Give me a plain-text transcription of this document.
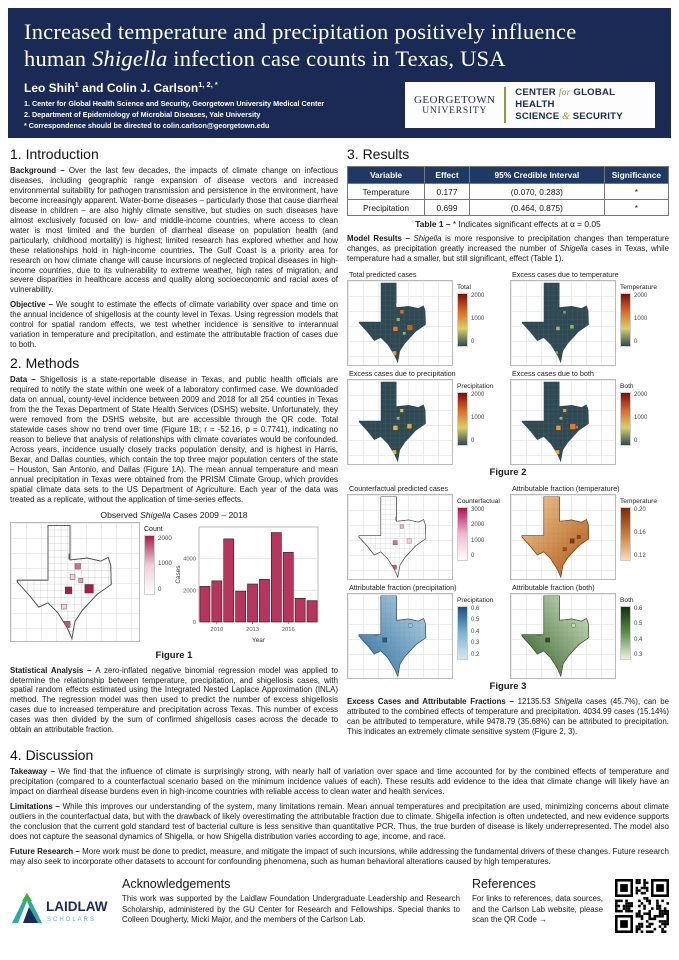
Increased temperature and precipitation positively influence
human Shigella infection case counts in Texas, USA
Leo Shih$^1$ and Colin J. Carlson$^{1, 2, *}$
1. Center for Global Health Science and Security, Georgetown University Medical Center
2. Department of Epidemiology of Microbial Diseases, Yale University
* Correspondence should be directed to colin.carlson@georgetown.edu
GEORGETOWN
UNIVERSITY
CENTER for GLOBAL HEALTH
SCIENCE & SECURITY
1. Introduction

Background – Over the last few decades, the impacts of climate change on infectious diseases, including geographic range expansion of disease vectors and increased environmental suitability for pathogen transmission and persistence in the environment, have become increasingly apparent. Water-borne diseases – particularly those that cause diarrheal disease in children – are also highly climate sensitive, but studies on such diseases have almost exclusively focused on low- and middle-income countries, where access to clean water is most limited and the burden of diarrheal disease on population health (and particularly, childhood mortality) is highest; limited research has explored whether and how these relationships hold in high-income countries. The Gulf Coast is a priority area for research on how climate change will cause incursions of neglected tropical diseases in high-income countries, due to its vulnerability to extreme weather, high rates of migration, and severe disparities in healthcare access and quality along socioeconomic and racial axes of vulnerability.

Objective – We sought to estimate the effects of climate variability over space and time on the annual incidence of shigellosis at the county level in Texas. Using regression models that control for spatial random effects, we test whether incidence is sensitive to interannual variation in temperature and precipitation, and estimate the attributable fraction of cases due to both.

2. Methods

Data – Shigellosis is a state-reportable disease in Texas, and public health officials are required to notify the state within one week of a laboratory confirmed case. We downloaded data on annual, county-level incidence between 2009 and 2018 for all 254 counties in Texas from the the Texas Department of State Health Services (DSHS) website. Unfortunately, they were removed from the DSHS website, but are accessible through the QR code. Total statewide cases show no trend over time (Figure 1B; r = -52.16, p = 0.7741), indicating no reason to believe that analysis of relationships with climate covariates would be confounded. Across years, incidence usually closely tracks population density, and is highest in Harris, Bexar, and Dallas counties, which contain the top three major population centers of the state – Houston, San Antonio, and Dallas (Figure 1A). The mean annual temperature and mean annual precipitation in Texas were obtained from the PRISM Climate Group, which provides spatial climate data sets to the US Department of Agriculture. Each year of the data was treated as a replicate, without the application of time-series effects.

Observed Shigella Cases 2009 – 2018
Count
2000
1000
0
0
2000
4000
2010	2013	2016
Cases
Year
Figure 1

Statistical Analysis – A zero-inflated negative binomial regression model was applied to determine the relationship between temperature, precipitation, and shigellosis cases, with spatial random effects estimated using the Integrated Nested Laplace Approximation (INLA) method. The regression model was then used to predict the number of excess shigellosis cases due to increased temperature and precipitation across Texas. This number of excess cases was then divided by the sum of confirmed shigellosis cases across the decade to obtain an attributable fraction.

3. Results
Variable	Effect	95% Credible Interval	Significance
Temperature	0.177	(0.070, 0.283)	*
Precipitation	0.699	(0.464, 0.875)	*
Table 1 – * Indicates significant effects at α = 0.05

Model Results – Shigella is more responsive to precipitation changes than temperature changes, as precipitation greatly increased the number of Shigella cases in Texas, while temperature had a smaller, but still significant, effect (Table 1).

Total predicted cases
Total
2000
1000
0
Excess cases due to temperature
Temperature
2000
1000
0
Excess cases due to precipitation
Precipitation
2000
1000
0
Excess cases due to both
Both
2000
1000
0
Figure 2
Counterfactual predicted cases
Counterfactual
3000
2000
1000
0
Attributable fraction (temperature)
Temperature
0.20
0.16
0.12
Attributable fraction (precipitation)
Precipitation
0.6
0.5
0.4
0.3
0.2
Attributable fraction (both)
Both
0.6
0.5
0.4
0.3
Figure 3

Excess Cases and Attributable Fractions – 12135.53 Shigella cases (45.7%), can be attributed to the combined effects of temperature and precipitation. 4034.99 cases (15.14%) can be attributed to temperature, while 9478.79 (35.68%) can be attributed to precipitation. This indicates an extremely climate sensitive system (Figure 2, 3).

4. Discussion

Takeaway – We find that the influence of climate is surprisingly strong, with nearly half of variation over space and time accounted for by the combined effects of temperature and precipitation (compared to a counterfactual scenario based on the minimum incidence values of each). These results add evidence to the idea that climate change will likely have an impact on diarrheal disease burdens even in high-income countries with reliable access to clean water and health services.

Limitations – While this improves our understanding of the system, many limitations remain. Mean annual temperatures and precipitation are used, minimizing concerns about climate outliers in the counterfactual data, but with the drawback of likely overestimating the attributable fraction due to climate. Shigella infection is often undetected, and new evidence supports the conclusion that the current gold standard test of bacterial culture is less sensitive than quantitative PCR. Thus, the true burden of disease is likely underrepresented. The model also does not capture the seasonal dynamics of Shigella, or how Shigella distribution varies according to age, income, and race.

Future Research – More work must be done to predict, measure, and mitigate the impact of such incursions, while addressing the fundamental drivers of these changes. Future research may also seek to incorporate other datasets to account for confounding phenomena, such as human behavioral alterations caused by high temperatures.

LAIDLAW
SCHOLARS
Acknowledgements

This work was supported by the Laidlaw Foundation Undergraduate Leadership and Research Scholarship, administered by the GU Center for Research and Fellowships. Special thanks to Colleen Dougherty, Micki Major, and the members of the Carlson Lab.

References

For links to references, data sources, and the Carlson Lab website, please scan the QR Code →
